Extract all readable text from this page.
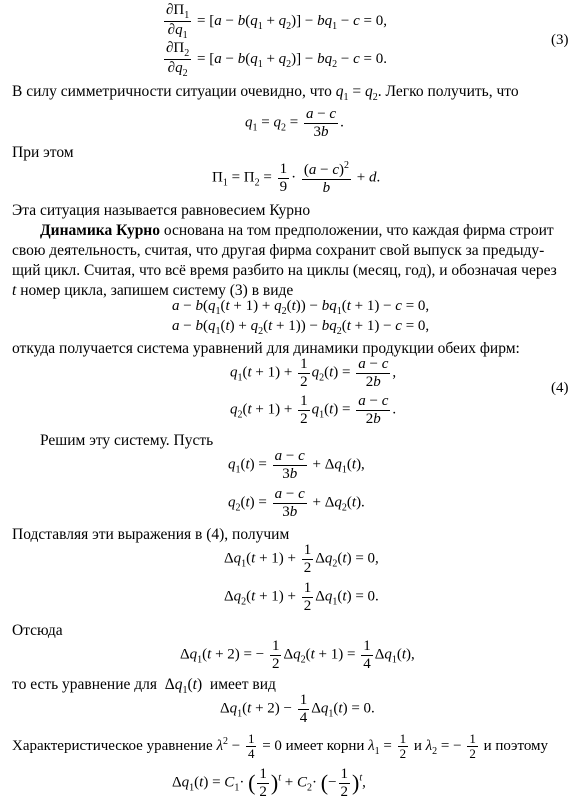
$\frac{\partial\Pi_1}{\partial q_1} = [a - b(q_1 + q_2)] - bq_1 - c = 0$,
$\frac{\partial\Pi_2}{\partial q_2} = [a - b(q_1 + q_2)] - bq_2 - c = 0$.
(3)
В силу симметричности ситуации очевидно, что $q_1 = q_2$. Легко получить, что
$q_1 = q_2 = \frac{a - c}{3b}$ .
При этом
$\Pi_1 = \Pi_2 = \frac{1}{9} \cdot \frac{(a - c)^2}{b} + d$.
Эта ситуация называется равновесием Курно
Динамика Курно основана на том предположении, что каждая фирма строит
свою деятельность, считая, что другая фирма сохранит свой выпуск за предыду-
щий цикл. Считая, что всё время разбито на циклы (месяц, год), и обозначая через
t номер цикла, запишем систему (3) в виде
$a - b(q_1(t + 1) + q_2(t)) - bq_1(t + 1) - c = 0$,
$a - b(q_1(t) + q_2(t + 1)) - bq_2(t + 1) - c = 0$,
откуда получается система уравнений для динамики продукции обеих фирм:
$q_1(t + 1) + \frac{1}{2} q_2(t) = \frac{a - c}{2b}$ ,
$q_2(t + 1) + \frac{1}{2} q_1(t) = \frac{a - c}{2b}$ .
(4)
Решим эту систему. Пусть
$q_1(t) = \frac{a - c}{3b} + \Delta q_1(t)$,
$q_2(t) = \frac{a - c}{3b} + \Delta q_2(t)$.
Подставляя эти выражения в (4), получим
$\Delta q_1(t + 1) + \frac{1}{2} \Delta q_2(t) = 0$,
$\Delta q_2(t + 1) + \frac{1}{2} \Delta q_1(t) = 0$.
Отсюда
$\Delta q_1(t + 2)$ = − $\frac{1}{2} \Delta q_2(t + 1) = \frac{1}{4} \Delta q_1(t)$,
то есть уравнение для  $\Delta q_1(t)$  имеет вид
$\Delta q_1(t + 2) - \frac{1}{4} \Delta q_1(t) = 0$.
Характеристическое уравнение $\lambda^2 - \frac{1}{4} = 0$ имеет корни $\lambda_1 = \frac{1}{2}$ и $\lambda_2$ = − $\frac{1}{2}$ и поэтому
$\Delta q_1(t) = C_1\cdot$ ( $\frac{1}{2} )^t + C_2\cdot$ (− $\frac{1}{2} )^t$,
